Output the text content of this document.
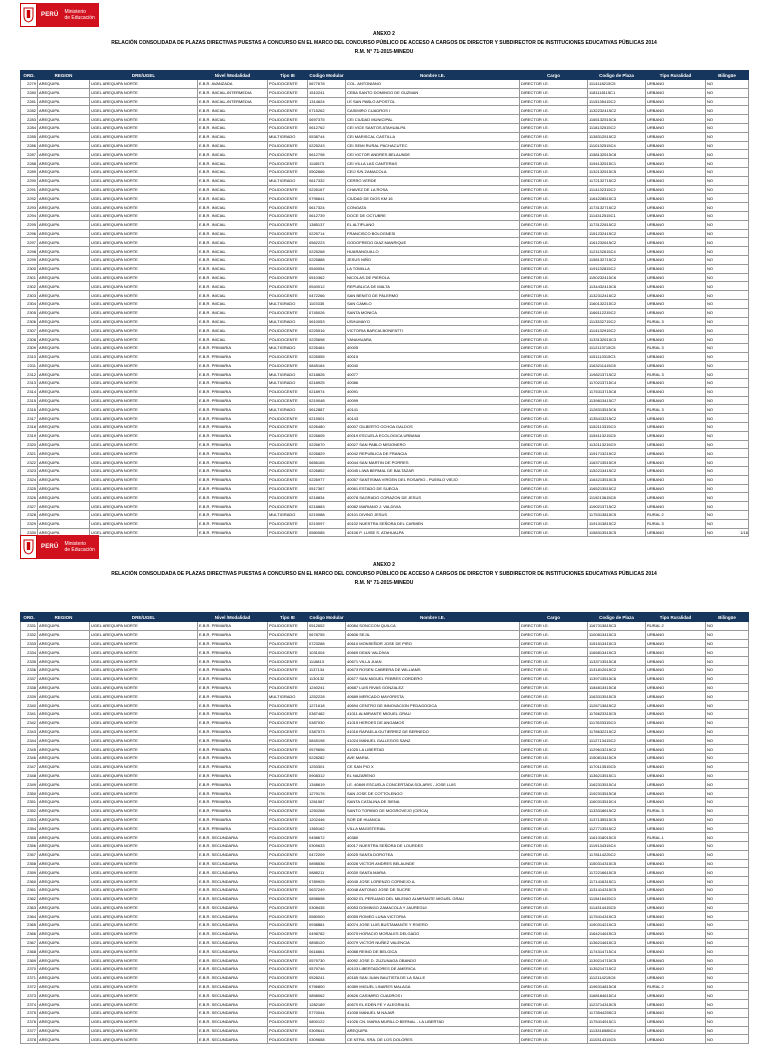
PERÚ Ministerio
de Educación
ANEXO 2
RELACIÓN CONSOLIDADA DE PLAZAS DIRECTIVAS PUESTAS A CONCURSO EN EL MARCO DEL CONCURSO PÚBLICO DE ACCESO A CARGOS DE DIRECTOR Y SUBDIRECTOR DE INSTITUCIONES EDUCATIVAS PÚBLICAS 2014
R.M. N° 71-2015-MINEDU
ORD.	REGION	DRE/UGEL	Nivel /Modalidad	Tipo IE	Codigo Modular	Nombre I.E.	Cargo	Codigo de Plaza	Tipo Ruralidad	Bilingüe
2279	AREQUIPA	UGEL AREQUIPA NORTE	E.B.R. AVANZADA	POLIDOCENTE	0677678	COL. ANTONIANO	DIRECTOR I.E.	1114118215C5	URBANO	NO
2280	AREQUIPA	UGEL AREQUIPA NORTE	E.B.R. INICIAL-INTERMEDIA	POLIDOCENTE	1510241	CEBA SANTO DOMINGO DE GUZMAN	DIRECTOR I.E.	1181118115C1	URBANO	NO
2281	AREQUIPA	UGEL AREQUIPA NORTE	E.B.R. INICIAL-INTERMEDIA	POLIDOCENTE	1314624	I.E SAN PABLO APOSTOL	DIRECTOR I.E.	1115135415C2	URBANO	NO
2282	AREQUIPA	UGEL AREQUIPA NORTE	E.B.R. INICIAL	POLIDOCENTE	0715262	CASIMIRO CUADROS I	DIRECTOR I.E.	1132232415C2	URBANO	NO
2283	AREQUIPA	UGEL AREQUIPA NORTE	E.B.R. INICIAL	POLIDOCENTE	0697375	CEI CIUDAD MUNICIPAL	DIRECTOR I.E.	1165132515C6	URBANO	NO
2284	AREQUIPA	UGEL AREQUIPA NORTE	E.B.R. INICIAL	POLIDOCENTE	0612762	CEI VICE SANTOS ATAHUALPA	DIRECTOR I.E.	1118132515C2	URBANO	NO
2285	AREQUIPA	UGEL AREQUIPA NORTE	E.B.R. INICIAL	MULTIGRADO	0538744	CEI MARISCAL CASTILLA	DIRECTOR I.E.	1138312515C2	URBANO	NO
2286	AREQUIPA	UGEL AREQUIPA NORTE	E.B.R. INICIAL	POLIDOCENTE	0225243	CEI SEMI RURAL PACHACUTEC	DIRECTOR I.E.	1110132515C4	URBANO	NO
2287	AREQUIPA	UGEL AREQUIPA NORTE	E.B.R. INICIAL	POLIDOCENTE	0612798	CEI VICTOR ANDRES BELAUNDE	DIRECTOR I.E.	1158132515C8	URBANO	NO
2288	AREQUIPA	UGEL AREQUIPA NORTE	E.B.R. INICIAL	POLIDOCENTE	1116573	CEI VILLA LAS CANTERAS	DIRECTOR I.E.	1194132515C1	URBANO	NO
2289	AREQUIPA	UGEL AREQUIPA NORTE	E.B.R. INICIAL	POLIDOCENTE	0502666	CEIJ S/N ZAMACOLA	DIRECTOR I.E.	1132132515C5	URBANO	NO
2290	AREQUIPA	UGEL AREQUIPA NORTE	E.B.R. INICIAL	MULTIGRADO	0617332	CERRO VERDE	DIRECTOR I.E.	1172132715C2	URBANO	NO
2291	AREQUIPA	UGEL AREQUIPA NORTE	E.B.R. INICIAL	POLIDOCENTE	0226167	CHAVEZ DE LA ROSA	DIRECTOR I.E.	1114132315C2	URBANO	NO
2292	AREQUIPA	UGEL AREQUIPA NORTE	E.B.R. INICIAL	POLIDOCENTE	0796641	CIUDAD DE DIOS KM 16	DIRECTOR I.E.	1164228515C3	URBANO	NO
2293	AREQUIPA	UGEL AREQUIPA NORTE	E.B.R. INICIAL	POLIDOCENTE	0617324	CONGATA	DIRECTOR I.E.	1173132715C2	URBANO	NO
2294	AREQUIPA	UGEL AREQUIPA NORTE	E.B.R. INICIAL	POLIDOCENTE	0612739	DOCE DE OCTUBRE	DIRECTOR I.E.	1114312515C1	URBANO	NO
2295	AREQUIPA	UGEL AREQUIPA NORTE	E.B.R. INICIAL	POLIDOCENTE	1385137	EL ALTIPLANO	DIRECTOR I.E.	1173122815C2	URBANO	NO
2296	AREQUIPA	UGEL AREQUIPA NORTE	E.B.R. INICIAL	POLIDOCENTE	0225714	FRANCISCO BOLOGNESI	DIRECTOR I.E.	1151232415C2	URBANO	NO
2297	AREQUIPA	UGEL AREQUIPA NORTE	E.B.R. INICIAL	POLIDOCENTE	0562223	GODOFREDO DIAZ MANRIQUE	DIRECTOR I.E.	1161232615C2	URBANO	NO
2298	AREQUIPA	UGEL AREQUIPA NORTE	E.B.R. INICIAL	POLIDOCENTE	0225268	HUARANGUILLO	DIRECTOR I.E.	1121132615C4	URBANO	NO
2299	AREQUIPA	UGEL AREQUIPA NORTE	E.B.R. INICIAL	POLIDOCENTE	0225888	JESUS NIÑO	DIRECTOR I.E.	1158132715C2	URBANO	NO
2300	AREQUIPA	UGEL AREQUIPA NORTE	E.B.R. INICIAL	POLIDOCENTE	0540054	LA TOMILLA	DIRECTOR I.E.	1191132815C2	URBANO	NO
2301	AREQUIPA	UGEL AREQUIPA NORTE	E.B.R. INICIAL	POLIDOCENTE	0510362	NICOLAS DE PIEROLA	DIRECTOR I.E.	1150232415C6	URBANO	NO
2302	AREQUIPA	UGEL AREQUIPA NORTE	E.B.R. INICIAL	POLIDOCENTE	0540012	REPUBLICA DE MALTA	DIRECTOR I.E.	1134432415C6	URBANO	NO
2303	AREQUIPA	UGEL AREQUIPA NORTE	E.B.R. INICIAL	POLIDOCENTE	0472266	SAN BENITO DE PALERMO	DIRECTOR I.E.	1132312415C2	URBANO	NO
2304	AREQUIPA	UGEL AREQUIPA NORTE	E.B.R. INICIAL	MULTIGRADO	1103335	SAN CAMILO	DIRECTOR I.E.	1160132215C2	URBANO	NO
2305	AREQUIPA	UGEL AREQUIPA NORTE	E.B.R. INICIAL	POLIDOCENTE	0745026	SANTA MONICA	DIRECTOR I.E.	1166112215C2	URBANO	NO
2306	AREQUIPA	UGEL AREQUIPA NORTE	E.B.R. INICIAL	MULTIGRADO	0610053	USHUMAYO	DIRECTOR I.E.	1113332715C2	RURAL 3	NO
2307	AREQUIPA	UGEL AREQUIPA NORTE	E.B.R. INICIAL	POLIDOCENTE	0225516	VICTORIA BARCIA BONIFATTI	DIRECTOR I.E.	1114132915C2	URBANO	NO
2308	AREQUIPA	UGEL AREQUIPA NORTE	E.B.R. INICIAL	POLIDOCENTE	0225698	YANAHUARA	DIRECTOR I.E.	1133132615C3	URBANO	NO
2309	AREQUIPA	UGEL AREQUIPA NORTE	E.B.R. PRIMARIA	MULTIGRADO	0226464	40005	DIRECTOR I.E.	1112113715C5	RURAL 3	NO
2310	AREQUIPA	UGEL AREQUIPA NORTE	E.B.R. PRIMARIA	POLIDOCENTE	0226555	40015	DIRECTOR I.E.	1151113315C3	URBANO	NO
2311	AREQUIPA	UGEL AREQUIPA NORTE	E.B.R. PRIMARIA	POLIDOCENTE	0845164	40040	DIRECTOR I.E.	1163211415C8	URBANO	NO
2312	AREQUIPA	UGEL AREQUIPA NORTE	E.B.R. PRIMARIA	MULTIGRADO	0218826	40077	DIRECTOR I.E.	1198213715C2	RURAL 3	NO
2313	AREQUIPA	UGEL AREQUIPA NORTE	E.B.R. PRIMARIA	MULTIGRADO	0218925	40086	DIRECTOR I.E.	1170213715C4	URBANO	NO
2314	AREQUIPA	UGEL AREQUIPA NORTE	E.B.R. PRIMARIA	POLIDOCENTE	0218974	40091	DIRECTOR I.E.	1175313715C8	URBANO	NO
2315	AREQUIPA	UGEL AREQUIPA NORTE	E.B.R. PRIMARIA	POLIDOCENTE	0219048	40099	DIRECTOR I.E.	1139813415C7	URBANO	NO
2316	AREQUIPA	UGEL AREQUIPA NORTE	E.B.R. PRIMARIA	MULTIGRADO	0612887	40141	DIRECTOR I.E.	1128313515C6	RURAL 3	NO
2317	AREQUIPA	UGEL AREQUIPA NORTE	E.B.R. PRIMARIA	POLIDOCENTE	0219501	40143	DIRECTOR I.E.	1135413215C2	URBANO	NO
2318	AREQUIPA	UGEL AREQUIPA NORTE	E.B.R. PRIMARIA	POLIDOCENTE	0226480	40007 GILBERTO OCHOA GALDOS	DIRECTOR I.E.	1152113315C3	URBANO	NO
2319	AREQUIPA	UGEL AREQUIPA NORTE	E.B.R. PRIMARIA	POLIDOCENTE	0226605	40019 ESCUELA ECOLOGICA URBANA	DIRECTOR I.E.	1154113215C5	URBANO	NO
2320	AREQUIPA	UGEL AREQUIPA NORTE	E.B.R. PRIMARIA	POLIDOCENTE	0226670	40027 SAN PABLO MISIONERO	DIRECTOR I.E.	1132113215C9	URBANO	NO
2321	AREQUIPA	UGEL AREQUIPA NORTE	E.B.R. PRIMARIA	POLIDOCENTE	0226829	40042 REPUBLICA DE FRANCIA	DIRECTOR I.E.	1191713215C2	URBANO	NO
2322	AREQUIPA	UGEL AREQUIPA NORTE	E.B.R. PRIMARIA	POLIDOCENTE	0656165	40044 SAN MARTIN DE PORRES	DIRECTOR I.E.	1163713515C9	URBANO	NO
2323	AREQUIPA	UGEL AREQUIPA NORTE	E.B.R. PRIMARIA	POLIDOCENTE	0226852	40045 LIWA BERMAL DE BALTAZAR	DIRECTOR I.E.	1152213415C2	URBANO	NO
2324	AREQUIPA	UGEL AREQUIPA NORTE	E.B.R. PRIMARIA	POLIDOCENTE	0226977	40057 SANTISIMA VIRGEN DEL ROSARIO - PUEBLO VIEJO	DIRECTOR I.E.	1164213515C5	URBANO	NO
2325	AREQUIPA	UGEL AREQUIPA NORTE	E.B.R. PRIMARIA	POLIDOCENTE	0517367	40061 ESTADO DE SUECIA	DIRECTOR I.E.	1165213515C2	URBANO	NO
2326	AREQUIPA	UGEL AREQUIPA NORTE	E.B.R. PRIMARIA	POLIDOCENTE	0218834	40078 SAGRADO CORAZON DE JESUS	DIRECTOR I.E.	1119213615C8	URBANO	NO
2327	AREQUIPA	UGEL AREQUIPA NORTE	E.B.R. PRIMARIA	POLIDOCENTE	0218883	40082 MARIANO J. VALDIVIA	DIRECTOR I.E.	1190213715C2	URBANO	NO
2328	AREQUIPA	UGEL AREQUIPA NORTE	E.B.R. PRIMARIA	MULTIGRADO	0219088	40101 DIVINO JESUS	DIRECTOR I.E.	1175313815C5	RURAL 2	NO
2329	AREQUIPA	UGEL AREQUIPA NORTE	E.B.R. PRIMARIA	POLIDOCENTE	0219097	40102 NUESTRA SEÑORA DEL CARMEN	DIRECTOR I.E.	1191313815C2	RURAL 3	NO
2330	AREQUIPA	UGEL AREQUIPA NORTE	E.B.R. PRIMARIA	POLIDOCENTE	0580085	40106 P. LUISE S. ATAHUALPA	DIRECTOR I.E.	1158313515C5	URBANO	NO	1/16
PERÚ Ministerio
de Educación
ANEXO 2
RELACIÓN CONSOLIDADA DE PLAZAS DIRECTIVAS PUESTAS A CONCURSO EN EL MARCO DEL CONCURSO PÚBLICO DE ACCESO A CARGOS DE DIRECTOR Y SUBDIRECTOR DE INSTITUCIONES EDUCATIVAS PÚBLICAS 2014
R.M. N° 71-2015-MINEDU
ORD.	REGION	DRE/UGEL	Nivel /Modalidad	Tipo IE	Codigo Modular	Nombre I.E.	Cargo	Codigo de Plaza	Tipo Ruralidad	Bilingüe
2331	AREQUIPA	UGEL AREQUIPA NORTE	E.B.R. PRIMARIA	POLIDOCENTE	0512652	40084 SONCCON QUILCA	DIRECTOR I.E.	1167313815C3	RURAL 2	NO
2332	AREQUIPA	UGEL AREQUIPA NORTE	E.B.R. PRIMARIA	POLIDOCENTE	0678755	40606 SEJIL	DIRECTOR I.E.	1100813415C3	URBANO	NO
2333	AREQUIPA	UGEL AREQUIPA NORTE	E.B.R. PRIMARIA	POLIDOCENTE	0723288	40610 MONSEÑOR JOSE DE PIRO	DIRECTOR I.E.	1151513415C3	URBANO	NO
2334	AREQUIPA	UGEL AREQUIPA NORTE	E.B.R. PRIMARIA	POLIDOCENTE	1031004	40669 DEAN VALDIVIA	DIRECTOR I.E.	1165813415C3	URBANO	NO
2335	AREQUIPA	UGEL AREQUIPA NORTE	E.B.R. PRIMARIA	POLIDOCENTE	1116813	40671 VILLA JUAN	DIRECTOR I.E.	1133713515C8	URBANO	NO
2336	AREQUIPA	UGEL AREQUIPA NORTE	E.B.R. PRIMARIA	POLIDOCENTE	1137134	40673 ROSEN CABRERA DE WILLIAMS	DIRECTOR I.E.	1131812615C2	URBANO	NO
2337	AREQUIPA	UGEL AREQUIPA NORTE	E.B.R. PRIMARIA	POLIDOCENTE	1130132	40677 SAN MIGUEL FEBRES CORDERO	DIRECTOR I.E.	1139713515C6	URBANO	NO
2338	AREQUIPA	UGEL AREQUIPA NORTE	E.B.R. PRIMARIA	POLIDOCENTE	1240241	40687 LUIS RIVAS GONZALEZ	DIRECTOR I.E.	1184813415C8	URBANO	NO
2339	AREQUIPA	UGEL AREQUIPA NORTE	E.B.R. PRIMARIA	MULTIGRADO	1252228	40689 MERCADO MAYORISTA	DIRECTOR I.E.	1163313515C5	URBANO	NO
2340	AREQUIPA	UGEL AREQUIPA NORTE	E.B.R. PRIMARIA	POLIDOCENTE	1271618	40694 CENTRO DE INNOVACION PEDAGOGICA	DIRECTOR I.E.	1126713815C2	URBANO	NO
2341	AREQUIPA	UGEL AREQUIPA NORTE	E.B.R. PRIMARIA	POLIDOCENTE	0387482	41011 ALMIRANTE MIGUEL GRAU	DIRECTOR I.E.	1176623315C5	URBANO	NO
2342	AREQUIPA	UGEL AREQUIPA NORTE	E.B.R. PRIMARIA	POLIDOCENTE	0387930	41015 HEROES DE ANGAMOS	DIRECTOR I.E.	1117633315C3	URBANO	NO
2343	AREQUIPA	UGEL AREQUIPA NORTE	E.B.R. PRIMARIA	POLIDOCENTE	0387573	41016 RAFAELA GUTIERREZ DE BERNEDO	DIRECTOR I.E.	1178632215C2	URBANO	NO
2344	AREQUIPA	UGEL AREQUIPA NORTE	E.B.R. PRIMARIA	POLIDOCENTE	0845198	41024 MANUEL GALLEGOS SANZ	DIRECTOR I.E.	1112713415C2	URBANO	NO
2345	AREQUIPA	UGEL AREQUIPA NORTE	E.B.R. PRIMARIA	POLIDOCENTE	0579656	41025 LA LIBERTAD	DIRECTOR I.E.	1129613215C2	URBANO	NO
2346	AREQUIPA	UGEL AREQUIPA NORTE	E.B.R. PRIMARIA	POLIDOCENTE	0228282	AVE MARIA	DIRECTOR I.E.	1150813415C9	URBANO	NO
2347	AREQUIPA	UGEL AREQUIPA NORTE	E.B.R. PRIMARIA	POLIDOCENTE	1253301	CE SAN PIO X	DIRECTOR I.E.	1170113515C5	URBANO	NO
2348	AREQUIPA	UGEL AREQUIPA NORTE	E.B.R. PRIMARIA	POLIDOCENTE	0908312	EL NAZARENO	DIRECTOR I.E.	1136213515C1	URBANO	NO
2349	AREQUIPA	UGEL AREQUIPA NORTE	E.B.R. PRIMARIA	POLIDOCENTE	1348619	I.E. 40849 ESCUELA CONCERTADA SOLARIS - JOSE LUIS	DIRECTOR I.E.	1162313515C4	URBANO	NO
2350	AREQUIPA	UGEL AREQUIPA NORTE	E.B.R. PRIMARIA	POLIDOCENTE	1279176	SAN JOSE DE COTTOLENGO	DIRECTOR I.E.	1192313515C8	URBANO	NO
2351	AREQUIPA	UGEL AREQUIPA NORTE	E.B.R. PRIMARIA	POLIDOCENTE	1261587	SANTA CATALINA DE SIENA	DIRECTOR I.E.	1160313515C4	URBANO	NO
2352	AREQUIPA	UGEL AREQUIPA NORTE	E.B.R. PRIMARIA	POLIDOCENTE	1250268	SANTO TORIBIO DE MOGROVEJO (CIRCA)	DIRECTOR I.E.	1133318615C2	RURAL 3	NO
2353	AREQUIPA	UGEL AREQUIPA NORTE	E.B.R. PRIMARIA	POLIDOCENTE	1202446	SOR DE HUANCA	DIRECTOR I.E.	1137135515C5	URBANO	NO
2354	AREQUIPA	UGEL AREQUIPA NORTE	E.B.R. PRIMARIA	POLIDOCENTE	1365162	VILLA MAGISTERIAL	DIRECTOR I.E.	1127713515C2	URBANO	NO
2355	AREQUIPA	UGEL AREQUIPA NORTE	E.B.R. SECUNDARIA	POLIDOCENTE	0498672	40380	DIRECTOR I.E.	1161318015C0	RURAL 1	NO
2356	AREQUIPA	UGEL AREQUIPA NORTE	E.B.R. SECUNDARIA	POLIDOCENTE	0309633	40017 NUESTRA SEÑORA DE LOURDES	DIRECTOR I.E.	1119134315C4	URBANO	NO
2357	AREQUIPA	UGEL AREQUIPA NORTE	E.B.R. SECUNDARIA	POLIDOCENTE	0472209	40025 SANTA DOROTEA	DIRECTOR I.E.	1178114225C2	URBANO	NO
2358	AREQUIPA	UGEL AREQUIPA NORTE	E.B.R. SECUNDARIA	POLIDOCENTE	0898536	40026 VICTOR ANDRES BELAUNDE	DIRECTOR I.E.	1150314315C5	URBANO	NO
2359	AREQUIPA	UGEL AREQUIPA NORTE	E.B.R. SECUNDARIA	POLIDOCENTE	0888211	40030 SANTA MARIA	DIRECTOR I.E.	1172216615C5	URBANO	NO
2360	AREQUIPA	UGEL AREQUIPA NORTE	E.B.R. SECUNDARIA	POLIDOCENTE	0789925	40045 JOSE LORENZO CORNEJO A.	DIRECTOR I.E.	1171416315C1	URBANO	NO
2361	AREQUIPA	UGEL AREQUIPA NORTE	E.B.R. SECUNDARIA	POLIDOCENTE	0637249	40048 ANTONIO JOSE DE SUCRE	DIRECTOR I.E.	1131414315C5	URBANO	NO
2362	AREQUIPA	UGEL AREQUIPA NORTE	E.B.R. SECUNDARIA	POLIDOCENTE	0898698	40052 EL PERUANO DEL MILENIO ALMIRANTE MIGUEL GRAU	DIRECTOR I.E.	1115416415C3	URBANO	NO
2363	AREQUIPA	UGEL AREQUIPA NORTE	E.B.R. SECUNDARIA	POLIDOCENTE	0308435	40053 DOMINGO ZAMACOLA Y JAUREGUI	DIRECTOR I.E.	1114314415C5	URBANO	NO
2364	AREQUIPA	UGEL AREQUIPA NORTE	E.B.R. SECUNDARIA	POLIDOCENTE	0580000	40055 ROMEO LUNA VICTORIA	DIRECTOR I.E.	1175414315C3	URBANO	NO
2365	AREQUIPA	UGEL AREQUIPA NORTE	E.B.R. SECUNDARIA	POLIDOCENTE	0938881	40074 JOSE LUIS BUSTAMANTE Y RIVERO	DIRECTOR I.E.	1190314215C3	URBANO	NO
2366	AREQUIPA	UGEL AREQUIPA NORTE	E.B.R. SECUNDARIA	POLIDOCENTE	0498782	40075 HORACIO MORALES DELGADO	DIRECTOR I.E.	1164214615C3	URBANO	NO
2367	AREQUIPA	UGEL AREQUIPA NORTE	E.B.R. SECUNDARIA	POLIDOCENTE	0898120	40079 VICTOR NUÑEZ VALENCIA	DIRECTOR I.E.	1136214615C3	URBANO	NO
2368	AREQUIPA	UGEL AREQUIPA NORTE	E.B.R. SECUNDARIA	POLIDOCENTE	0616661	40088 REINO DE BELGICA	DIRECTOR I.E.	1174314715C4	URBANO	NO
2369	AREQUIPA	UGEL AREQUIPA NORTE	E.B.R. SECUNDARIA	POLIDOCENTE	0579730	40092 JOSE D. ZUZUNAGA OBANDO	DIRECTOR I.E.	1139214715C5	URBANO	NO
2370	AREQUIPA	UGEL AREQUIPA NORTE	E.B.R. SECUNDARIA	POLIDOCENTE	0579746	40103 LIBERTADORES DE AMERICA	DIRECTOR I.E.	1135214715C2	URBANO	NO
2371	AREQUIPA	UGEL AREQUIPA NORTE	E.B.R. SECUNDARIA	POLIDOCENTE	0528241	40165 SAN JUAN BAUTISTA DE LA SALLE	DIRECTOR I.E.	1112114215C8	URBANO	NO
2372	AREQUIPA	UGEL AREQUIPA NORTE	E.B.R. SECUNDARIA	POLIDOCENTE	0796800	40389 MIGUEL LINARES MALAGA	DIRECTOR I.E.	1196314815C8	RURAL 2	NO
2373	AREQUIPA	UGEL AREQUIPA NORTE	E.B.R. SECUNDARIA	POLIDOCENTE	0898062	40626 CASIMIRO CUADROS I	DIRECTOR I.E.	1168164615C4	URBANO	NO
2374	AREQUIPA	UGEL AREQUIPA NORTE	E.B.R. SECUNDARIA	POLIDOCENTE	1282189	40670 EL EDEN FE Y ALEGRIA 51	DIRECTOR I.E.	1123714315C5	URBANO	NO
2375	AREQUIPA	UGEL AREQUIPA NORTE	E.B.R. SECUNDARIA	POLIDOCENTE	0770044	41008 MANUEL M.NAJAR	DIRECTOR I.E.	1173544255C3	URBANO	NO
2376	AREQUIPA	UGEL AREQUIPA NORTE	E.B.R. SECUNDARIA	POLIDOCENTE	0800122	41026 CN. MARIA MURILLO BERNAL - LA LIBERTAD	DIRECTOR I.E.	1175414515C1	URBANO	NO
2377	AREQUIPA	UGEL AREQUIPA NORTE	E.B.R. SECUNDARIA	POLIDOCENTE	0309641	AREQUIPA	DIRECTOR I.E.	1113316585C4	URBANO	NO
2378	AREQUIPA	UGEL AREQUIPA NORTE	E.B.R. SECUNDARIA	POLIDOCENTE	0309658	CE NTRA. SRA. DE LOS DOLORES	DIRECTOR I.E.	1110314315C5	URBANO	NO
